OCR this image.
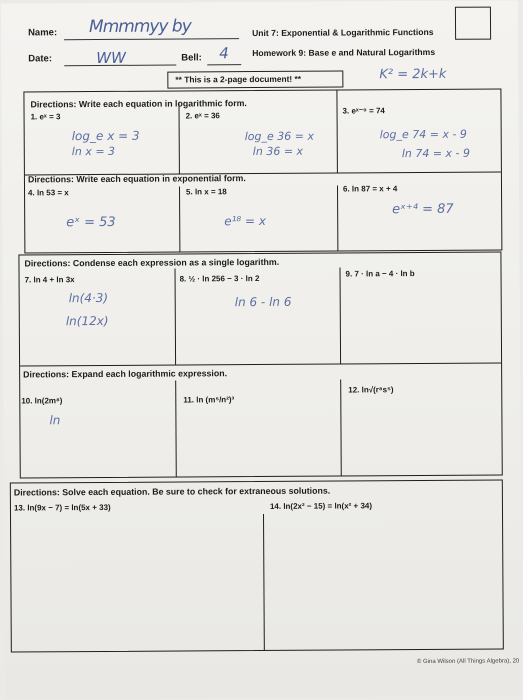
Name: Mmmmyy by
Date:	WW	Bell: 4
Unit 7: Exponential & Logarithmic Functions
Homework 9: Base e and Natural Logarithms
** This is a 2-page document! **	K² = 2k+k
Directions: Write each equation in logarithmic form.
1. eˣ = 3	2. eˣ = 36
3. eˣ⁻⁹ = 74
log_e x = 3
ln x = 3
log_e 36 = x
ln 36 = x
log_e 74 = x - 9
ln 74 = x - 9
Directions: Write each equation in exponential form.
4. ln 53 = x	5. ln x = 18	6. ln 87 = x + 4
eˣ = 53	e¹⁸ = x
eˣ⁺⁴ = 87
Directions: Condense each expression as a single logarithm.
7. ln 4 + ln 3x	8. ½ · ln 256 − 3 · ln 2
9. 7 · ln a − 4 · ln b
ln(4·3)
ln(12x)
ln 6 - ln 6
Directions: Expand each logarithmic expression.
10. ln(2m⁸)	11. ln (m⁵/n²)³
12. ln√(r⁸s⁵)
ln
Directions: Solve each equation. Be sure to check for extraneous solutions.
13. ln(9x − 7) = ln(5x + 33)	14. ln(2x² − 15) = ln(x² + 34)
© Gina Wilson (All Things Algebra), 20
